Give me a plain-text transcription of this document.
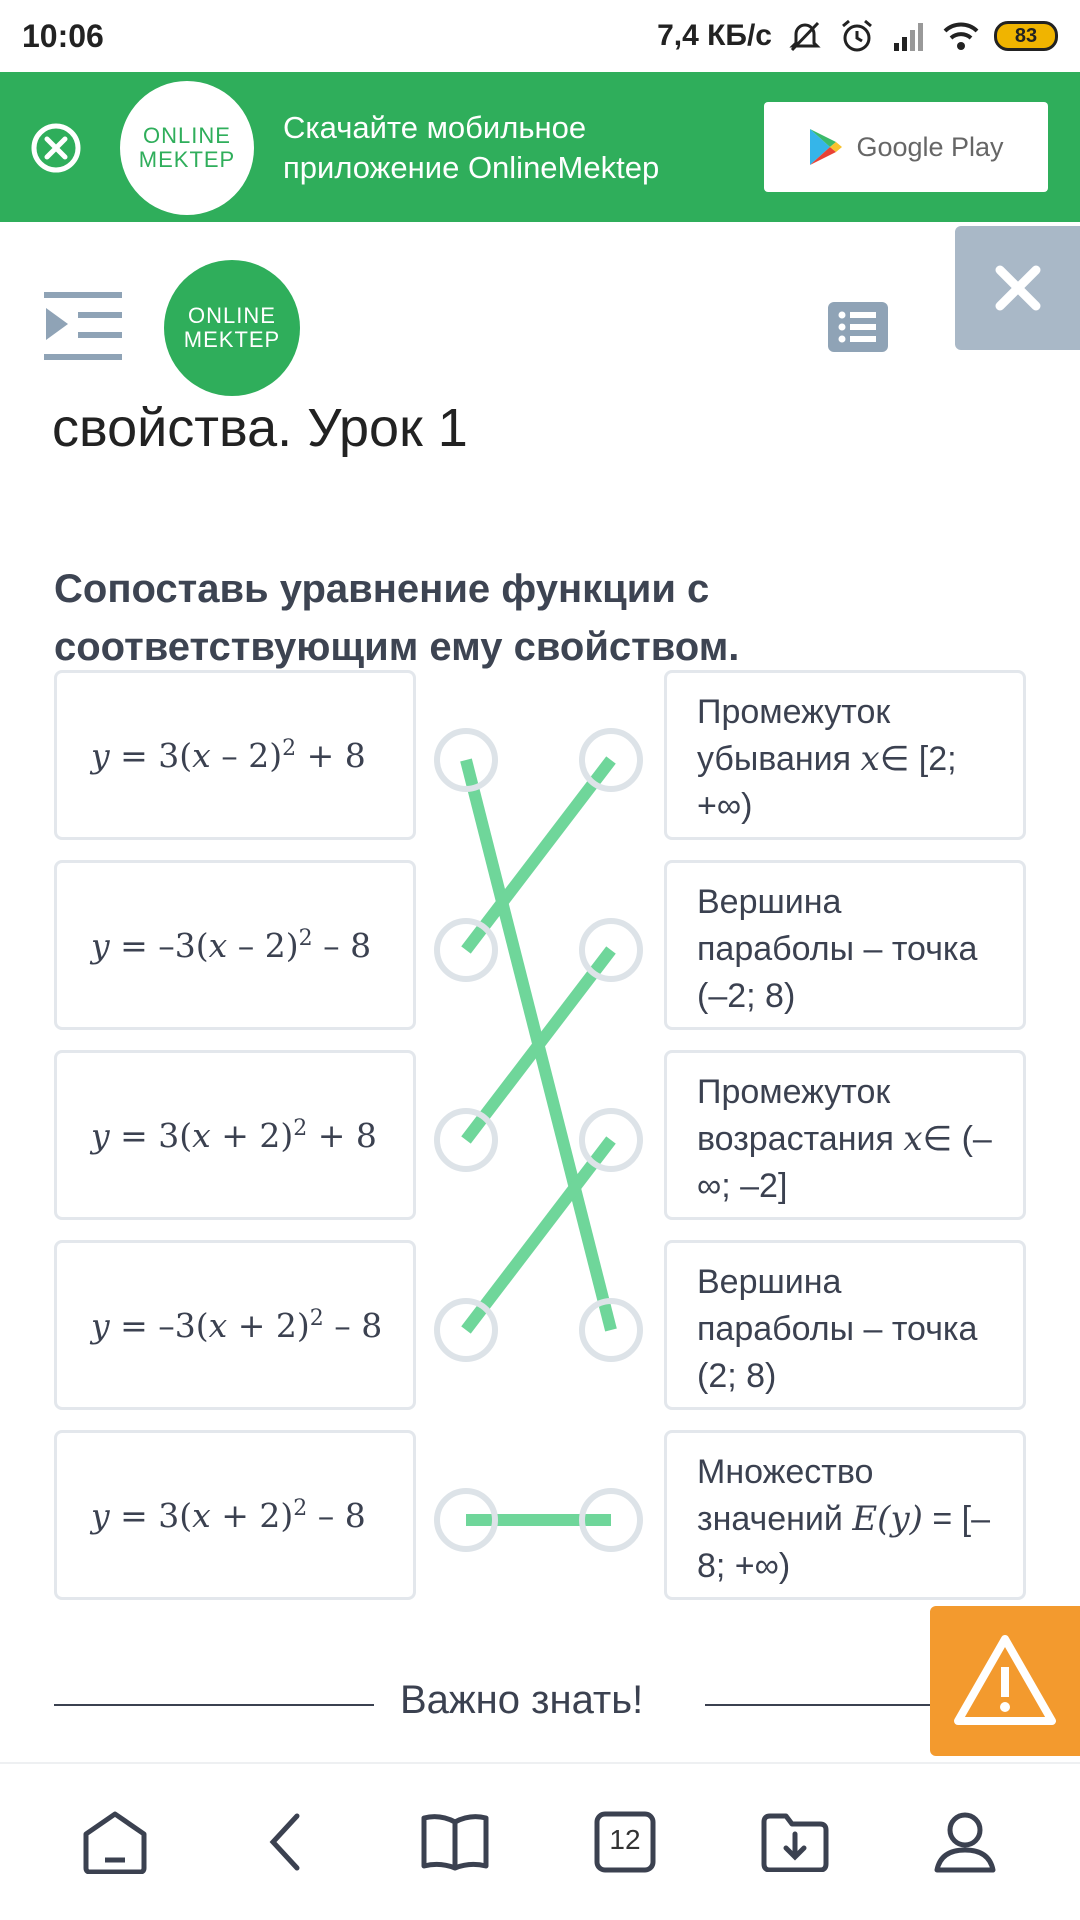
10:06	7,4 КБ/с	83
ONLINE
MEKTEP
Скачайте мобильное приложение OnlineMektep
Google Play
ONLINE
MEKTEP
свойства. Урок 1
Сопоставь уравнение функции с соответствующим ему свойством.
y = 3(x – 2)$^2$ + 8
y = –3(x – 2)$^2$ – 8
$y = 3(x + 2)^2 + 8$
$y = -3(x + 2)^2 - 8$
$y = 3(x + 2)^2 - 8$
Промежуток убывания x∈ [2; +∞)
Вершина параболы – точка (–2; 8)
Промежуток возрастания x∈ (–∞; –2]
Вершина параболы – точка (2; 8)
Множество значений E(y) = [–8; +∞)
Важно знать!
12
